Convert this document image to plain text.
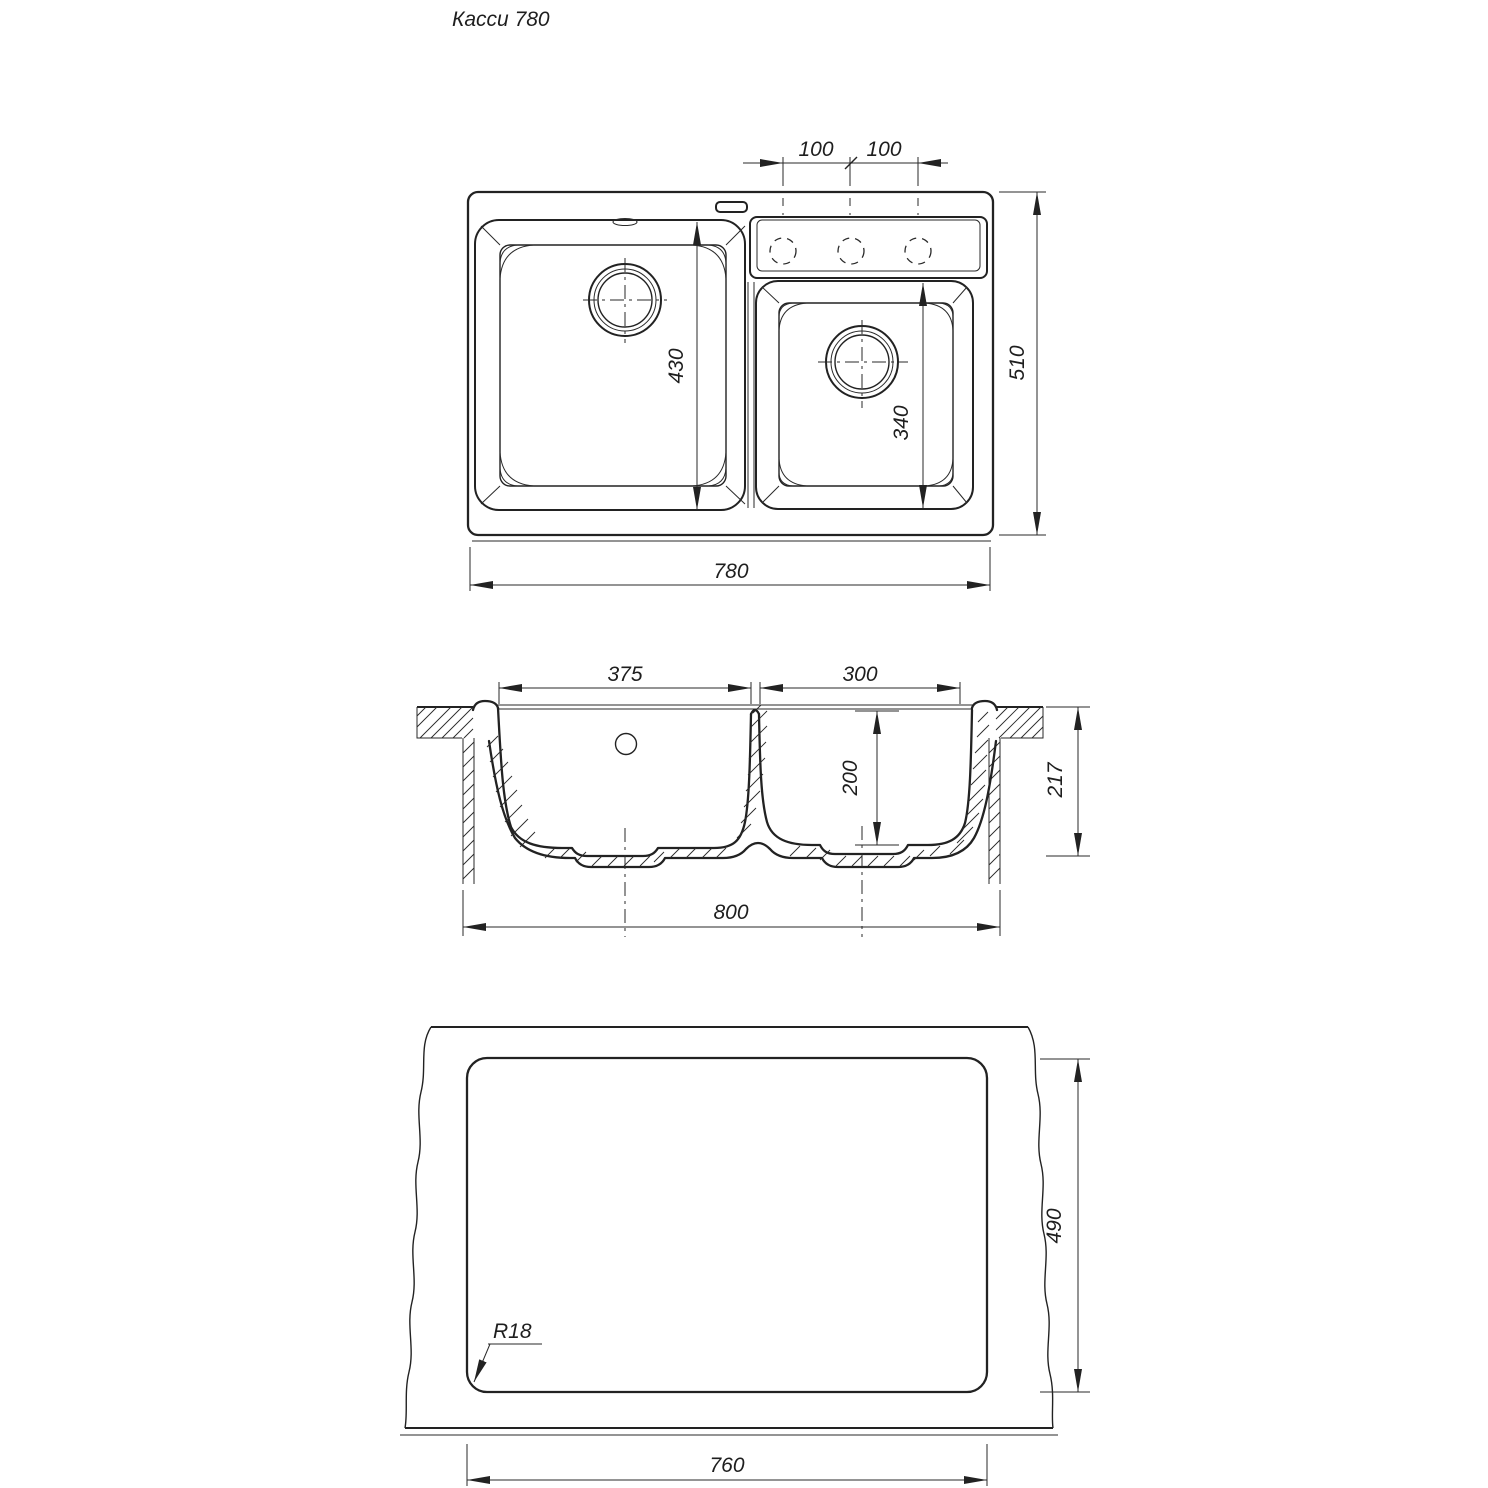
Касси 780
100 100
430
340
510
780
375	300
200	217
800
R18
490
760
